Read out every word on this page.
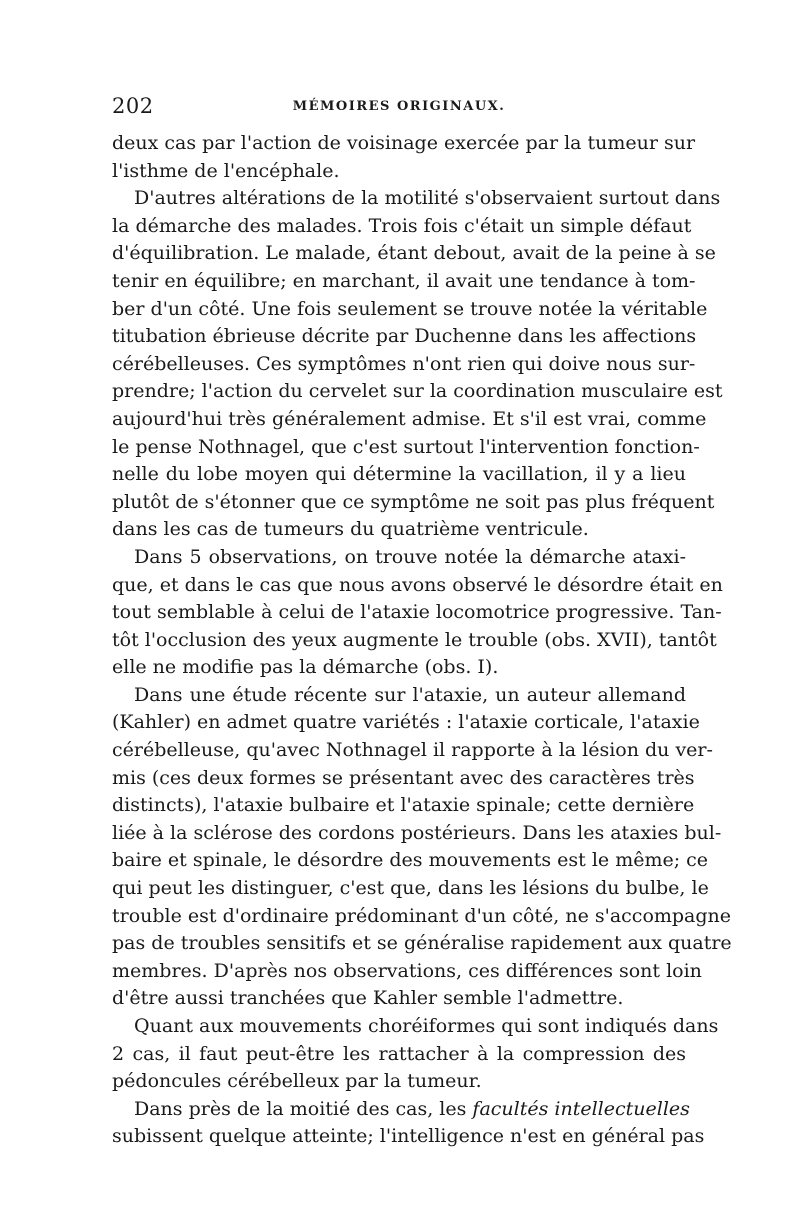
202	MÉMOIRES ORIGINAUX.
deux cas par l'action de voisinage exercée par la tumeur sur
l'isthme de l'encéphale.
D'autres altérations de la motilité s'observaient surtout dans
la démarche des malades. Trois fois c'était un simple défaut
d'équilibration. Le malade, étant debout, avait de la peine à se
tenir en équilibre; en marchant, il avait une tendance à tom-
ber d'un côté. Une fois seulement se trouve notée la véritable
titubation ébrieuse décrite par Duchenne dans les affections
cérébelleuses. Ces symptômes n'ont rien qui doive nous sur-
prendre; l'action du cervelet sur la coordination musculaire est
aujourd'hui très généralement admise. Et s'il est vrai, comme
le pense Nothnagel, que c'est surtout l'intervention fonction-
nelle du lobe moyen qui détermine la vacillation, il y a lieu
plutôt de s'étonner que ce symptôme ne soit pas plus fréquent
dans les cas de tumeurs du quatrième ventricule.
Dans 5 observations, on trouve notée la démarche ataxi-
que, et dans le cas que nous avons observé le désordre était en
tout semblable à celui de l'ataxie locomotrice progressive. Tan-
tôt l'occlusion des yeux augmente le trouble (obs. XVII), tantôt
elle ne modifie pas la démarche (obs. I).
Dans une étude récente sur l'ataxie, un auteur allemand
(Kahler) en admet quatre variétés : l'ataxie corticale, l'ataxie
cérébelleuse, qu'avec Nothnagel il rapporte à la lésion du ver-
mis (ces deux formes se présentant avec des caractères très
distincts), l'ataxie bulbaire et l'ataxie spinale; cette dernière
liée à la sclérose des cordons postérieurs. Dans les ataxies bul-
baire et spinale, le désordre des mouvements est le même; ce
qui peut les distinguer, c'est que, dans les lésions du bulbe, le
trouble est d'ordinaire prédominant d'un côté, ne s'accompagne
pas de troubles sensitifs et se généralise rapidement aux quatre
membres. D'après nos observations, ces différences sont loin
d'être aussi tranchées que Kahler semble l'admettre.
Quant aux mouvements choréiformes qui sont indiqués dans
2 cas, il faut peut-être les rattacher à la compression des
pédoncules cérébelleux par la tumeur.
Dans près de la moitié des cas, les facultés intellectuelles
subissent quelque atteinte; l'intelligence n'est en général pas
